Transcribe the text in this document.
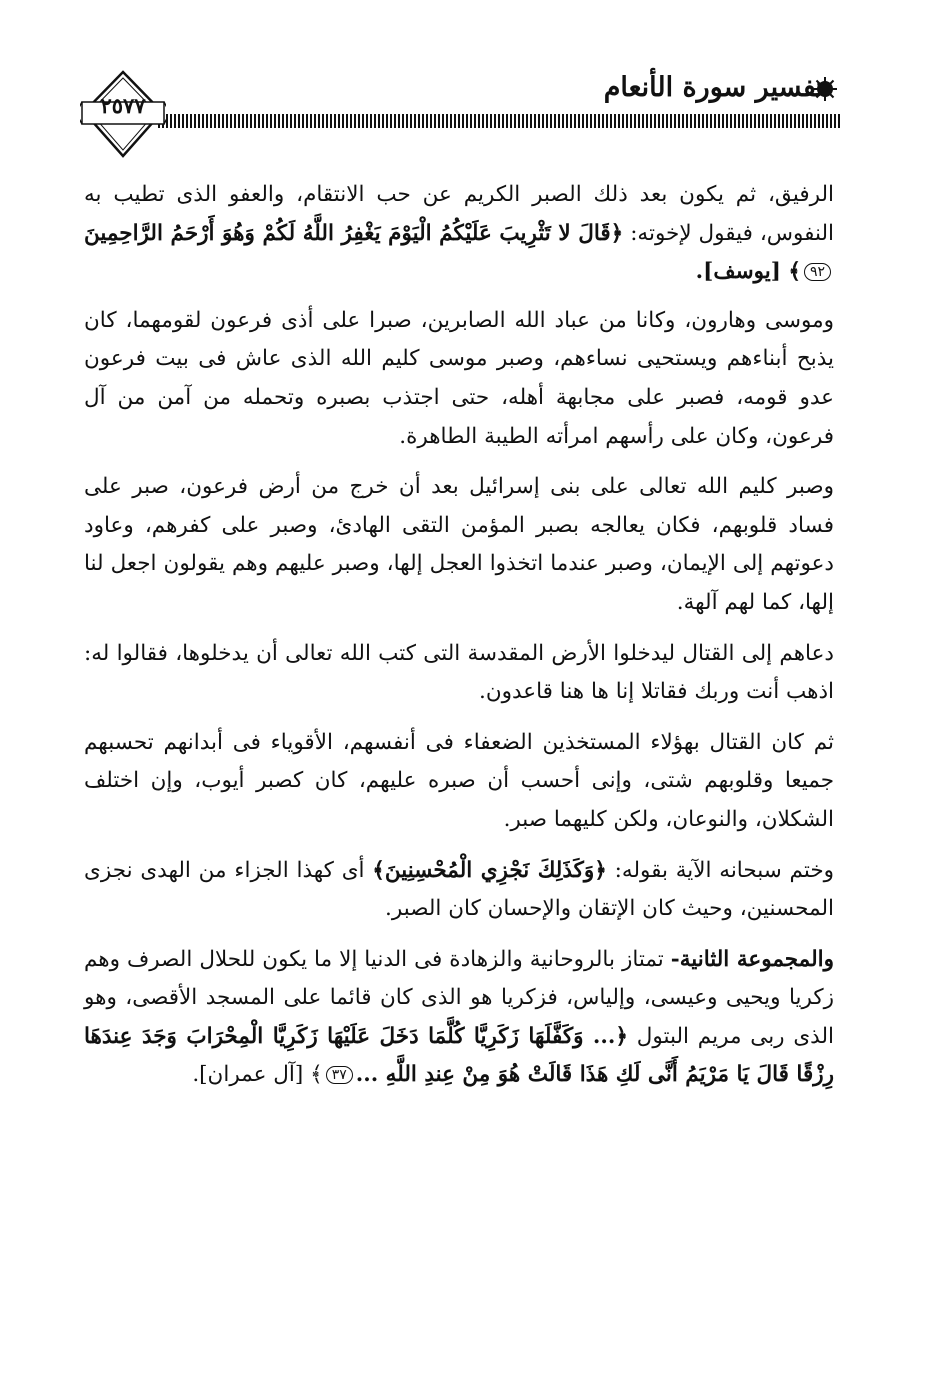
تفسير سورة الأنعام
٢٥٧٧

الرفيق، ثم يكون بعد ذلك الصبر الكريم عن حب الانتقام، والعفو الذى تطيب به النفوس، فيقول لإخوته: ﴿قَالَ لا تَثْرِيبَ عَلَيْكُمُ الْيَوْمَ يَغْفِرُ اللَّهُ لَكُمْ وَهُوَ أَرْحَمُ الرَّاحِمِينَ٩٢﴾ [يوسف].

وموسى وهارون، وكانا من عباد الله الصابرين، صبرا على أذى فرعون لقومهما، كان يذبح أبناءهم ويستحيى نساءهم، وصبر موسى كليم الله الذى عاش فى بيت فرعون عدو قومه، فصبر على مجابهة أهله، حتى اجتذب بصبره وتحمله من آمن من آل فرعون، وكان على رأسهم امرأته الطيبة الطاهرة.

وصبر كليم الله تعالى على بنى إسرائيل بعد أن خرج من أرض فرعون، صبر على فساد قلوبهم، فكان يعالجه بصبر المؤمن التقى الهادئ، وصبر على كفرهم، وعاود دعوتهم إلى الإيمان، وصبر عندما اتخذوا العجل إلها، وصبر عليهم وهم يقولون اجعل لنا إلها، كما لهم آلهة.

دعاهم إلى القتال ليدخلوا الأرض المقدسة التى كتب الله تعالى أن يدخلوها، فقالوا له: اذهب أنت وربك فقاتلا إنا ها هنا قاعدون.

ثم كان القتال بهؤلاء المستخذين الضعفاء فى أنفسهم، الأقوياء فى أبدانهم تحسبهم جميعا وقلوبهم شتى، وإنى أحسب أن صبره عليهم، كان كصبر أيوب، وإن اختلف الشكلان، والنوعان، ولكن كليهما صبر.

وختم سبحانه الآية بقوله: ﴿وَكَذَلِكَ نَجْزِي الْمُحْسِنِينَ﴾ أى كهذا الجزاء من الهدى نجزى المحسنين، وحيث كان الإتقان والإحسان كان الصبر.

والمجموعة الثانية- تمتاز بالروحانية والزهادة فى الدنيا إلا ما يكون للحلال الصرف وهم زكريا ويحيى وعيسى، وإلياس، فزكريا هو الذى كان قائما على المسجد الأقصى، وهو الذى ربى مريم البتول ﴿... وَكَفَّلَهَا زَكَرِيَّا كُلَّمَا دَخَلَ عَلَيْهَا زَكَرِيَّا الْمِحْرَابَ وَجَدَ عِندَهَا رِزْقًا قَالَ يَا مَرْيَمُ أَنَّى لَكِ هَذَا قَالَتْ هُوَ مِنْ عِندِ اللَّهِ ...٣٧﴾ [آل عمران].
